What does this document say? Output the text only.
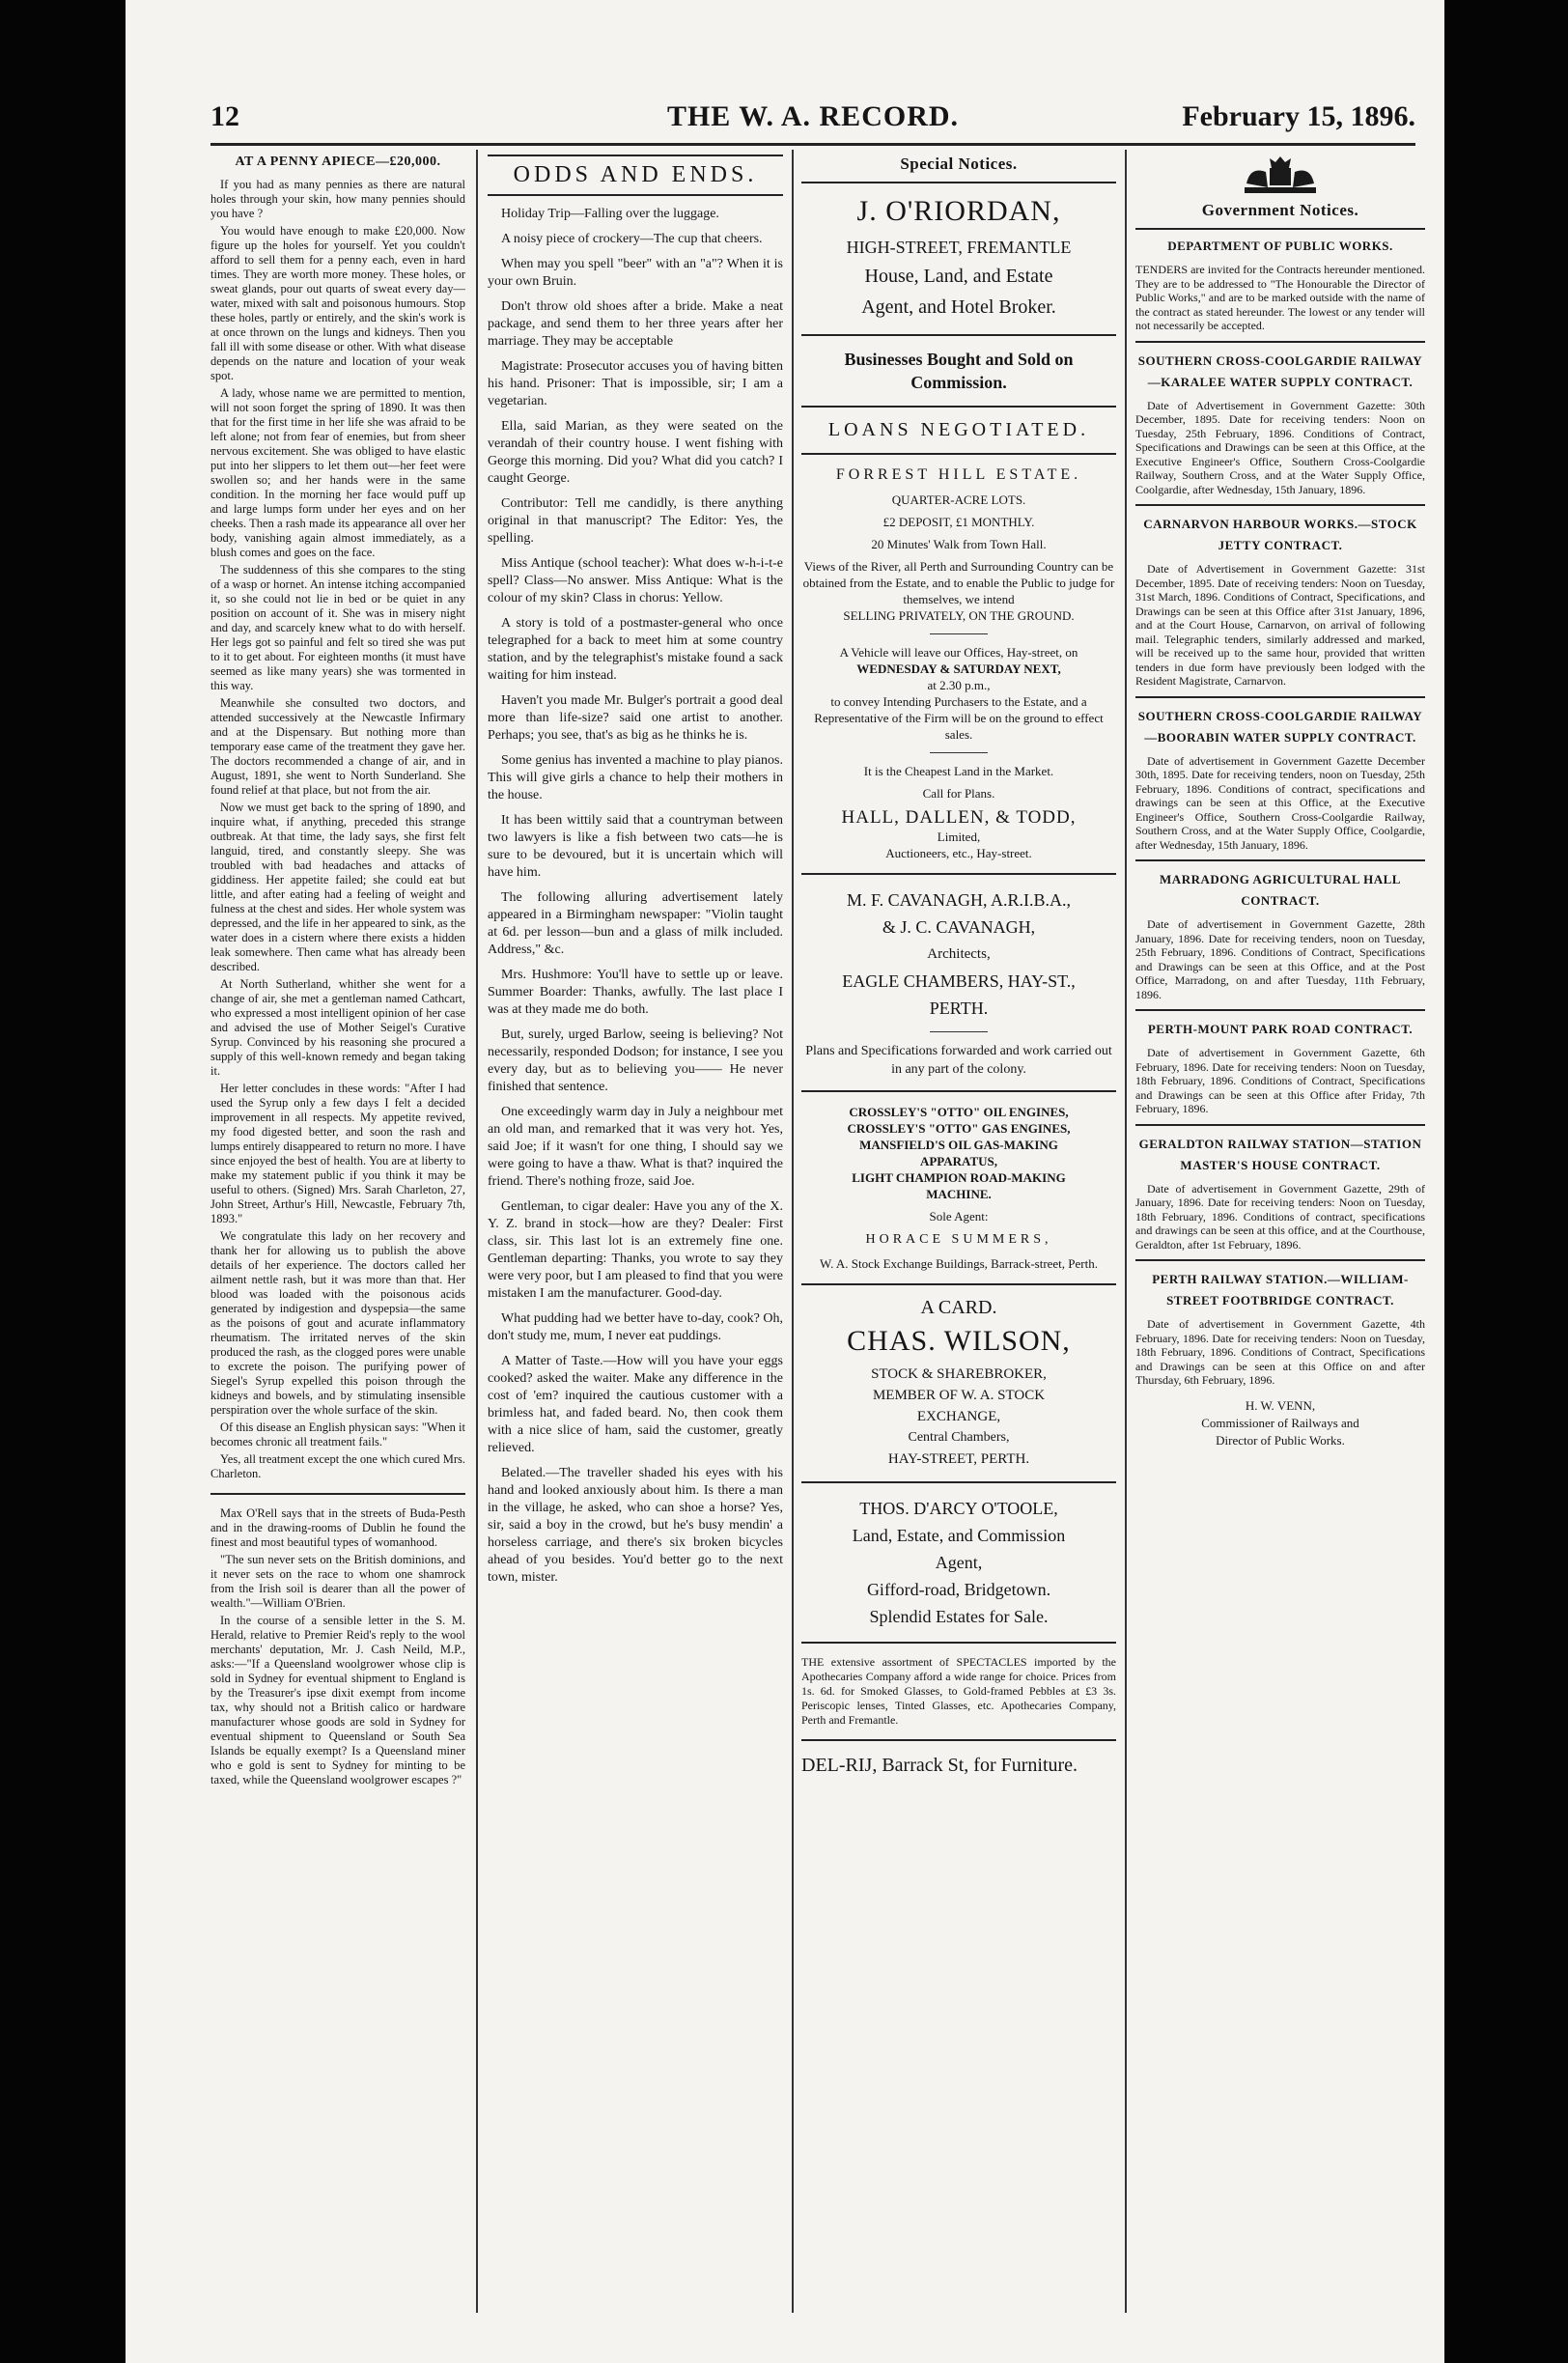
12	THE W. A. RECORD.	February 15, 1896.
AT A PENNY APIECE—£20,000.

If you had as many pennies as there are natural holes through your skin, how many pennies should you have ?

You would have enough to make £20,000. Now figure up the holes for yourself. Yet you couldn't afford to sell them for a penny each, even in hard times. They are worth more money. These holes, or sweat glands, pour out quarts of sweat every day—water, mixed with salt and poisonous humours. Stop these holes, partly or entirely, and the skin's work is at once thrown on the lungs and kidneys. Then you fall ill with some disease or other. With what disease depends on the nature and location of your weak spot.

A lady, whose name we are permitted to mention, will not soon forget the spring of 1890. It was then that for the first time in her life she was afraid to be left alone; not from fear of enemies, but from sheer nervous excitement. She was obliged to have elastic put into her slippers to let them out—her feet were swollen so; and her hands were in the same condition. In the morning her face would puff up and large lumps form under her eyes and on her cheeks. Then a rash made its appearance all over her body, vanishing again almost immediately, as a blush comes and goes on the face.

The suddenness of this she compares to the sting of a wasp or hornet. An intense itching accompanied it, so she could not lie in bed or be quiet in any position on account of it. She was in misery night and day, and scarcely knew what to do with herself. Her legs got so painful and felt so tired she was put to it to get about. For eighteen months (it must have seemed as like many years) she was tormented in this way.

Meanwhile she consulted two doctors, and attended successively at the Newcastle Infirmary and at the Dispensary. But nothing more than temporary ease came of the treatment they gave her. The doctors recommended a change of air, and in August, 1891, she went to North Sunderland. She found relief at that place, but not from the air.

Now we must get back to the spring of 1890, and inquire what, if anything, preceded this strange outbreak. At that time, the lady says, she first felt languid, tired, and constantly sleepy. She was troubled with bad headaches and attacks of giddiness. Her appetite failed; she could eat but little, and after eating had a feeling of weight and fulness at the chest and sides. Her whole system was depressed, and the life in her appeared to sink, as the water does in a cistern where there exists a hidden leak somewhere. Then came what has already been described.

At North Sutherland, whither she went for a change of air, she met a gentleman named Cathcart, who expressed a most intelligent opinion of her case and advised the use of Mother Seigel's Curative Syrup. Convinced by his reasoning she procured a supply of this well-known remedy and began taking it.

Her letter concludes in these words: "After I had used the Syrup only a few days I felt a decided improvement in all respects. My appetite revived, my food digested better, and soon the rash and lumps entirely disappeared to return no more. I have since enjoyed the best of health. You are at liberty to make my statement public if you think it may be useful to others. (Signed) Mrs. Sarah Charleton, 27, John Street, Arthur's Hill, Newcastle, February 7th, 1893."

We congratulate this lady on her recovery and thank her for allowing us to publish the above details of her experience. The doctors called her ailment nettle rash, but it was more than that. Her blood was loaded with the poisonous acids generated by indigestion and dyspepsia—the same as the poisons of gout and acurate inflammatory rheumatism. The irritated nerves of the skin produced the rash, as the clogged pores were unable to excrete the poison. The purifying power of Siegel's Syrup expelled this poison through the kidneys and bowels, and by stimulating insensible perspiration over the whole surface of the skin.

Of this disease an English physican says: "When it becomes chronic all treatment fails."

Yes, all treatment except the one which cured Mrs. Charleton.

Max O'Rell says that in the streets of Buda-Pesth and in the drawing-rooms of Dublin he found the finest and most beautiful types of womanhood.

"The sun never sets on the British dominions, and it never sets on the race to whom one shamrock from the Irish soil is dearer than all the power of wealth."—William O'Brien.

In the course of a sensible letter in the S. M. Herald, relative to Premier Reid's reply to the wool merchants' deputation, Mr. J. Cash Neild, M.P., asks:—"If a Queensland woolgrower whose clip is sold in Sydney for eventual shipment to England is by the Treasurer's ipse dixit exempt from income tax, why should not a British calico or hardware manufacturer whose goods are sold in Sydney for eventual shipment to Queensland or South Sea Islands be equally exempt? Is a Queensland miner who e gold is sent to Sydney for minting to be taxed, while the Queensland woolgrower escapes ?"

ODDS AND ENDS.

Holiday Trip—Falling over the luggage.

A noisy piece of crockery—The cup that cheers.

When may you spell "beer" with an "a"? When it is your own Bruin.

Don't throw old shoes after a bride. Make a neat package, and send them to her three years after her marriage. They may be acceptable

Magistrate: Prosecutor accuses you of having bitten his hand. Prisoner: That is impossible, sir; I am a vegetarian.

Ella, said Marian, as they were seated on the verandah of their country house. I went fishing with George this morning. Did you? What did you catch? I caught George.

Contributor: Tell me candidly, is there anything original in that manuscript? The Editor: Yes, the spelling.

Miss Antique (school teacher): What does w-h-i-t-e spell? Class—No answer. Miss Antique: What is the colour of my skin? Class in chorus: Yellow.

A story is told of a postmaster-general who once telegraphed for a back to meet him at some country station, and by the telegraphist's mistake found a sack waiting for him instead.

Haven't you made Mr. Bulger's portrait a good deal more than life-size? said one artist to another. Perhaps; you see, that's as big as he thinks he is.

Some genius has invented a machine to play pianos. This will give girls a chance to help their mothers in the house.

It has been wittily said that a countryman between two lawyers is like a fish between two cats—he is sure to be devoured, but it is uncertain which will have him.

The following alluring advertisement lately appeared in a Birmingham newspaper: "Violin taught at 6d. per lesson—bun and a glass of milk included. Address," &c.

Mrs. Hushmore: You'll have to settle up or leave. Summer Boarder: Thanks, awfully. The last place I was at they made me do both.

But, surely, urged Barlow, seeing is believing? Not necessarily, responded Dodson; for instance, I see you every day, but as to believing you—— He never finished that sentence.

One exceedingly warm day in July a neighbour met an old man, and remarked that it was very hot. Yes, said Joe; if it wasn't for one thing, I should say we were going to have a thaw. What is that? inquired the friend. There's nothing froze, said Joe.

Gentleman, to cigar dealer: Have you any of the X. Y. Z. brand in stock—how are they? Dealer: First class, sir. This last lot is an extremely fine one. Gentleman departing: Thanks, you wrote to say they were very poor, but I am pleased to find that you were mistaken I am the manufacturer. Good-day.

What pudding had we better have to-day, cook? Oh, don't study me, mum, I never eat puddings.

A Matter of Taste.—How will you have your eggs cooked? asked the waiter. Make any difference in the cost of 'em? inquired the cautious customer with a brimless hat, and faded beard. No, then cook them with a nice slice of ham, said the customer, greatly relieved.

Belated.—The traveller shaded his eyes with his hand and looked anxiously about him. Is there a man in the village, he asked, who can shoe a horse? Yes, sir, said a boy in the crowd, but he's busy mendin' a horseless carriage, and there's six broken bicycles ahead of you besides. You'd better go to the next town, mister.

Special Notices.
J. O'RIORDAN,
HIGH-STREET, FREMANTLE
House, Land, and Estate
Agent, and Hotel Broker.
Businesses Bought and Sold on Commission.
LOANS NEGOTIATED.
FORREST HILL ESTATE.
QUARTER-ACRE LOTS.
£2 DEPOSIT, £1 MONTHLY.
20 Minutes' Walk from Town Hall.
Views of the River, all Perth and Surrounding Country can be obtained from the Estate, and to enable the Public to judge for themselves, we intend
SELLING PRIVATELY, ON THE GROUND.
A Vehicle will leave our Offices, Hay-street, on
WEDNESDAY & SATURDAY NEXT,
at 2.30 p.m.,
to convey Intending Purchasers to the Estate, and a Representative of the Firm will be on the ground to effect sales.
It is the Cheapest Land in the Market.
Call for Plans.
HALL, DALLEN, & TODD,
Limited,
Auctioneers, etc., Hay-street.
M. F. CAVANAGH, A.R.I.B.A.,
& J. C. CAVANAGH,
Architects,
EAGLE CHAMBERS, HAY-ST.,
PERTH.
Plans and Specifications forwarded and work carried out in any part of the colony.
CROSSLEY'S "OTTO" OIL ENGINES,
CROSSLEY'S "OTTO" GAS ENGINES,
MANSFIELD'S OIL GAS-MAKING
APPARATUS,
LIGHT CHAMPION ROAD-MAKING
MACHINE.
Sole Agent:
HORACE SUMMERS,
W. A. Stock Exchange Buildings, Barrack-street, Perth.
A CARD.
CHAS. WILSON,
STOCK & SHAREBROKER,
MEMBER OF W. A. STOCK
EXCHANGE,
Central Chambers,
HAY-STREET, PERTH.
THOS. D'ARCY O'TOOLE,
Land, Estate, and Commission
Agent,
Gifford-road, Bridgetown.
Splendid Estates for Sale.

THE extensive assortment of SPECTACLES imported by the Apothecaries Company afford a wide range for choice. Prices from 1s. 6d. for Smoked Glasses, to Gold-framed Pebbles at £3 3s. Periscopic lenses, Tinted Glasses, etc. Apothecaries Company, Perth and Fremantle.

DEL-RIJ, Barrack St, for Furniture.
Government Notices.
DEPARTMENT OF PUBLIC WORKS.

TENDERS are invited for the Contracts hereunder mentioned. They are to be addressed to "The Honourable the Director of Public Works," and are to be marked outside with the name of the contract as stated hereunder. The lowest or any tender will not necessarily be accepted.

SOUTHERN CROSS-COOLGARDIE RAILWAY—KARALEE WATER SUPPLY CONTRACT.

Date of Advertisement in Government Gazette: 30th December, 1895. Date for receiving tenders: Noon on Tuesday, 25th February, 1896. Conditions of Contract, Specifications and Drawings can be seen at this Office, at the Executive Engineer's Office, Southern Cross-Coolgardie Railway, Southern Cross, and at the Water Supply Office, Coolgardie, after Wednesday, 15th January, 1896.

CARNARVON HARBOUR WORKS.—STOCK JETTY CONTRACT.

Date of Advertisement in Government Gazette: 31st December, 1895. Date of receiving tenders: Noon on Tuesday, 31st March, 1896. Conditions of Contract, Specifications, and Drawings can be seen at this Office after 31st January, 1896, and at the Court House, Carnarvon, on arrival of following mail. Telegraphic tenders, similarly addressed and marked, will be received up to the same hour, provided that written tenders in due form have previously been lodged with the Resident Magistrate, Carnarvon.

SOUTHERN CROSS-COOLGARDIE RAILWAY—BOORABIN WATER SUPPLY CONTRACT.

Date of advertisement in Government Gazette December 30th, 1895. Date for receiving tenders, noon on Tuesday, 25th February, 1896. Conditions of contract, specifications and drawings can be seen at this Office, at the Executive Engineer's Office, Southern Cross-Coolgardie Railway, Southern Cross, and at the Water Supply Office, Coolgardie, after Wednesday, 15th January, 1896.

MARRADONG AGRICULTURAL HALL CONTRACT.

Date of advertisement in Government Gazette, 28th January, 1896. Date for receiving tenders, noon on Tuesday, 25th February, 1896. Conditions of Contract, Specifications and Drawings can be seen at this Office, and at the Post Office, Marradong, on and after Tuesday, 11th February, 1896.

PERTH-MOUNT PARK ROAD CONTRACT.

Date of advertisement in Government Gazette, 6th February, 1896. Date for receiving tenders: Noon on Tuesday, 18th February, 1896. Conditions of Contract, Specifications and Drawings can be seen at this Office after Friday, 7th February, 1896.

GERALDTON RAILWAY STATION—STATION MASTER'S HOUSE CONTRACT.

Date of advertisement in Government Gazette, 29th of January, 1896. Date for receiving tenders: Noon on Tuesday, 18th February, 1896. Conditions of contract, specifications and drawings can be seen at this office, and at the Courthouse, Geraldton, after 1st February, 1896.

PERTH RAILWAY STATION.—WILLIAM-STREET FOOTBRIDGE CONTRACT.

Date of advertisement in Government Gazette, 4th February, 1896. Date for receiving tenders: Noon on Tuesday, 18th February, 1896. Conditions of Contract, Specifications and Drawings can be seen at this Office on and after Thursday, 6th February, 1896.

H. W. VENN,
Commissioner of Railways and
Director of Public Works.
